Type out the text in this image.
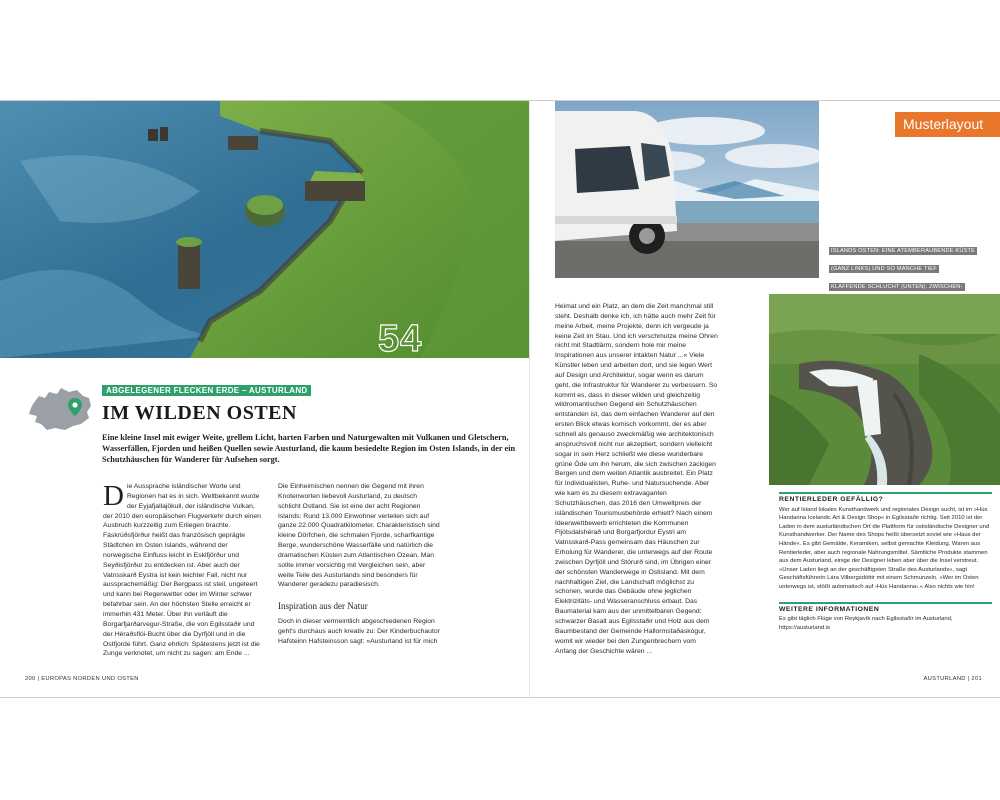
54
Musterlayout
ISLANDS OSTEN: EINE ATEMBERAUBENDE KÜSTE
(GANZ LINKS) UND SO MANCHE TIEF
KLAFFENDE SCHLUCHT (UNTEN). ZWISCHEN-

ABGELEGENER FLECKEN ERDE – AUSTURLAND
IM WILDEN OSTEN

Eine kleine Insel mit ewiger Weite, grellem Licht, harten Farben und Naturgewalten mit Vulkanen und Gletschern, Wasserfällen, Fjorden und heißen Quellen sowie Austurland, die kaum besiedelte Region im Osten Islands, in der ein Schutzhäuschen für Wanderer für Aufsehen sorgt.

D ie Aussprache isländischer Worte und Regionen hat es in sich. Weltbekannt wurde der Eyjafjallajökull, der isländische Vulkan, der 2010 den europäischen Flugverkehr durch einen Ausbruch kurzzeitig zum Erliegen brachte. Fáskrúðsfjörður heißt das französisch geprägte Städtchen im Osten Islands, während der norwegische Einfluss leicht in Eskifjörður und Seyðisfjörður zu entdecken ist. Aber auch der Vatnsskarð Eystra ist kein leichter Fall, nicht nur aussprachemäßig: Der Bergpass ist steil, ungeteert und kann bei Regenwetter oder im Winter schwer befahrbar sein. An der höchsten Stelle erreicht er immerhin 431 Meter. Über ihn verläuft die Borgarfjarðarvegur-Straße, die von Egilsstaðir und der Héraðsflói-Bucht über die Dyrfjöll und in die Ostfjorde führt. Ganz ehrlich: Spätestens jetzt ist die Zunge verknotet, um nicht zu sagen: am Ende ...

Die Einheimischen nennen die Gegend mit ihren Knotenworten liebevoll Austurland, zu deutsch schlicht Ostland. Sie ist eine der acht Regionen Islands: Rund 13.000 Einwohner verteilen sich auf ganze 22.000 Quadratkilometer. Charakteristisch sind kleine Dörfchen, die schmalen Fjorde, scharfkantige Berge, wunderschöne Wasserfälle und natürlich die dramatischen Küsten zum Atlantischen Ozean. Man sollte immer vorsichtig mit Vergleichen sein, aber weite Teile des Austurlands sind besonders für Wanderer geradezu paradiesisch.

Inspiration aus der Natur

Doch in dieser vermeintlich abgeschiedenen Region geht's durchaus auch kreativ zu: Der Kinderbuchautor Hafsteinn Hafsteinsson sagt: »Austurland ist für mich

Heimat und ein Platz, an dem die Zeit manchmal still steht. Deshalb denke ich, ich hätte auch mehr Zeit für meine Arbeit, meine Projekte, denn ich vergeude ja keine Zeit im Stau. Und ich verschmutze meine Ohren nicht mit Stadtlärm, sondern hole mir meine Inspirationen aus unserer intakten Natur ...« Viele Künstler leben und arbeiten dort, und sie legen Wert auf Design und Architektur, sogar wenn es darum geht, die Infrastruktur für Wanderer zu verbessern. So kommt es, dass in dieser wilden und gleichzeitig wildromantischen Gegend ein Schutzhäuschen entstanden ist, das dem einfachen Wanderer auf den ersten Blick etwas komisch vorkommt, der es aber schnell als genauso zweckmäßig wie architektonisch anspruchsvoll nicht nur akzeptiert, sondern vielleicht sogar in sein Herz schließt wie diese wunderbare grüne Öde um ihn herum, die sich zwischen zackigen Bergen und dem weiten Atlantik ausbreitet. Ein Platz für Individualisten, Ruhe- und Natursuchende. Aber wie kam es zu diesem extravaganten Schutzhäuschen, das 2016 den Umweltpreis der isländischen Tourismusbehörde erhielt? Nach einem Ideenwettbewerb errichteten die Kommunen Fljótsdalshérað und Borgarfjordur Eystri am Vatnsskarð-Pass gemeinsam das Häuschen zur Erholung für Wanderer, die unterwegs auf der Route zwischen Dyrfjöll und Stórurð sind, im Übrigen einer der schönsten Wanderwege in Ostisland. Mit dem nachhaltigen Ziel, die Landschaft möglichst zu schonen, wurde das Gebäude ohne jeglichen Elektrizitäts- und Wasseranschluss erbaut. Das Baumaterial kam aus der unmittelbaren Gegend: schwarzer Basalt aus Egilsstaðir und Holz aus dem Baumbestand der Gemeinde Hallormstaðaskógur, womit wir wieder bei den Zungenbrechern vom Anfang der Geschichte wären ...

RENTIERLEDER GEFÄLLIG?

Wer auf Island lokales Kunsthandwerk und regionales Design sucht, ist im »Hús Handanna Icelandic Art & Design Shop« in Egilsstaðir richtig. Seit 2010 ist der Laden in dem austurländischen Ort die Plattform für ostisländische Designer und Kunsthandwerker. Der Name des Shops heißt übersetzt soviel wie »Haus der Hände«. Es gibt Gemälde, Keramiken, selbst gemachte Kleidung, Waren aus Rentierleder, aber auch regionale Nahrungsmittel. Sämtliche Produkte stammen aus dem Austurland, einige der Designer leben aber über die Insel verstreut. »Unser Laden liegt an der geschäftigsten Straße des Austurlands«, sagt Geschäftsführerin Lára Vilbergsdóttir mit einem Schmunzeln. »Wer im Osten unterwegs ist, stößt automatisch auf ›Hús Handanna‹.« Also nichts wie hin!

WEITERE INFORMATIONEN

Es gibt täglich Flüge von Reykjavík nach Egilsstaðir im Austurland, https://austurland.is

200 | EUROPAS NORDEN UND OSTEN	AUSTURLAND | 201
